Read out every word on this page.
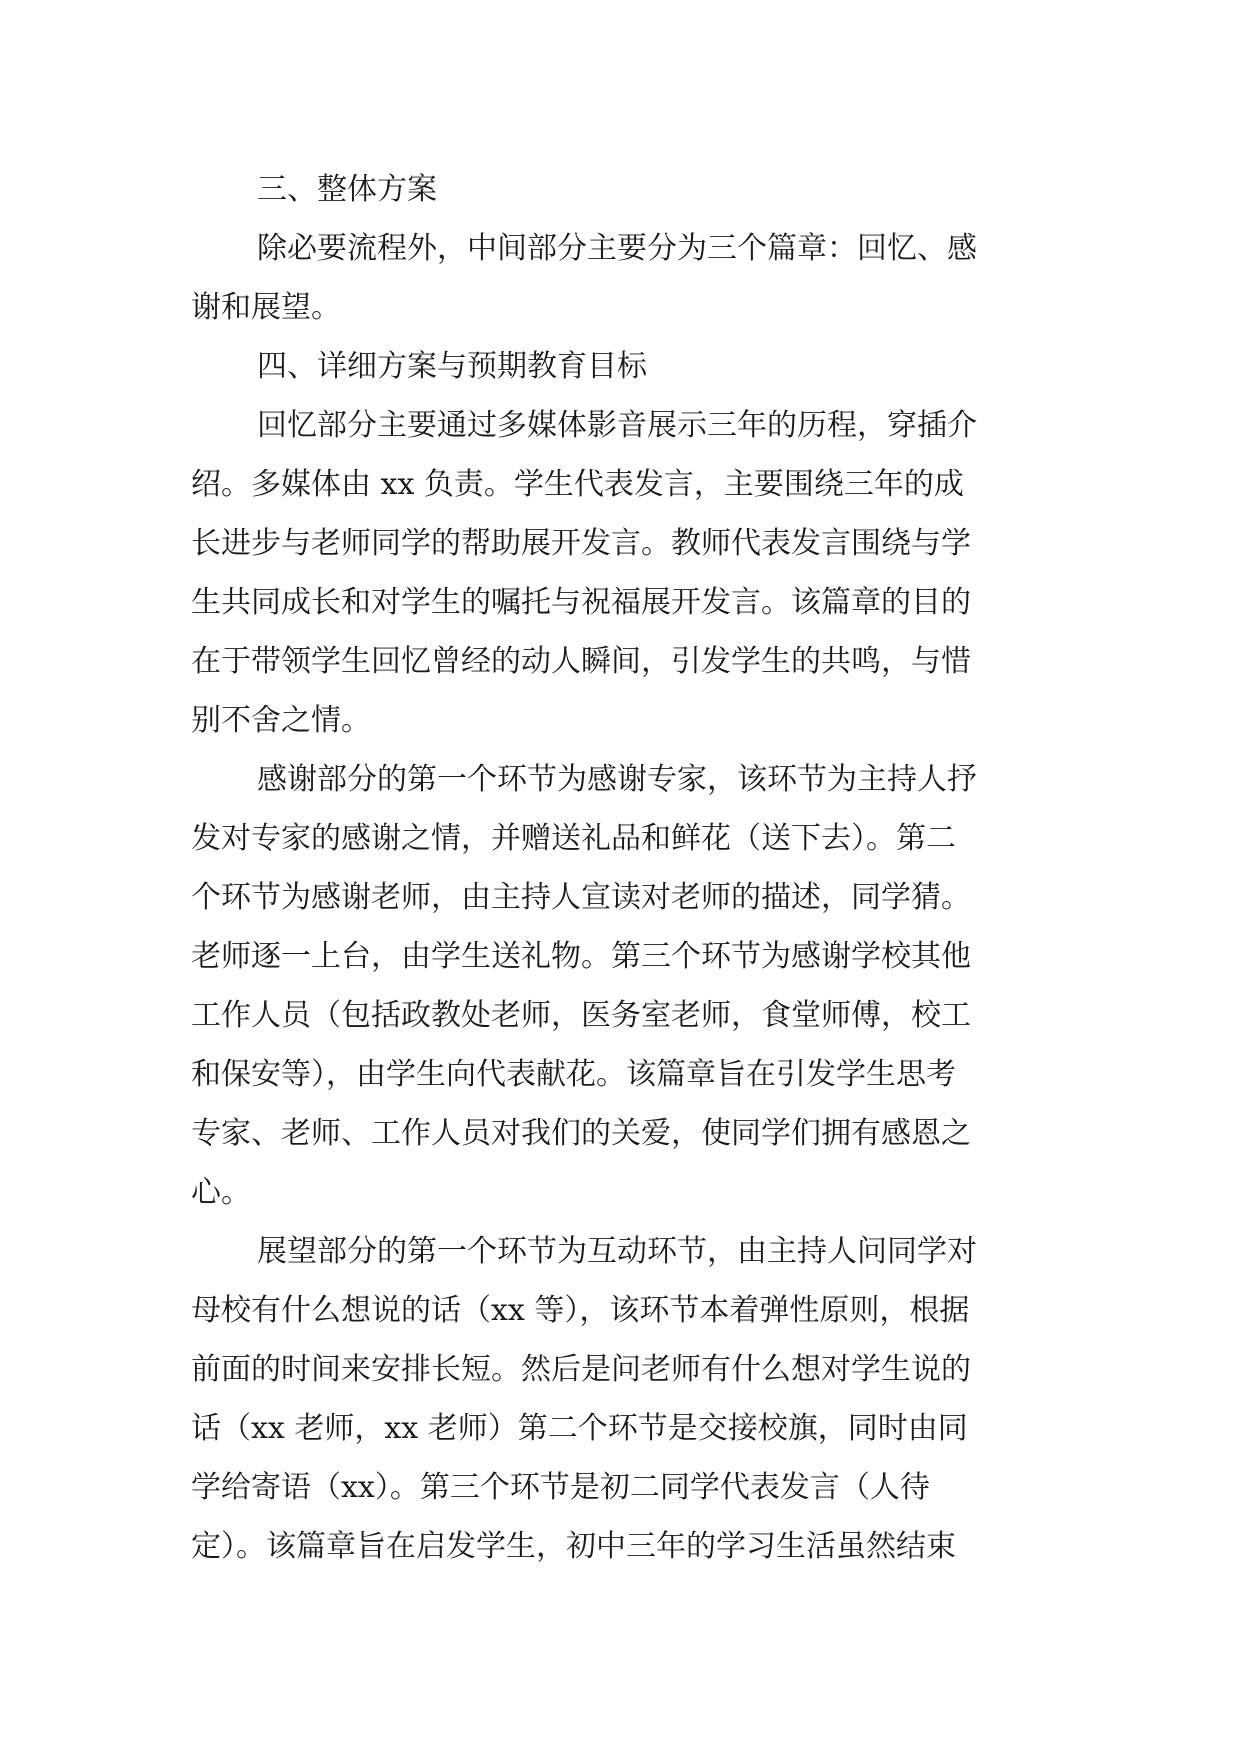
三、整体方案
除必要流程外，中间部分主要分为三个篇章：回忆、感
谢和展望。
四、详细方案与预期教育目标
回忆部分主要通过多媒体影音展示三年的历程，穿插介
绍。多媒体由 xx 负责。学生代表发言，主要围绕三年的成
长进步与老师同学的帮助展开发言。教师代表发言围绕与学
生共同成长和对学生的嘱托与祝福展开发言。该篇章的目的
在于带领学生回忆曾经的动人瞬间，引发学生的共鸣，与惜
别不舍之情。
感谢部分的第一个环节为感谢专家，该环节为主持人抒
发对专家的感谢之情，并赠送礼品和鲜花（送下去）。第二
个环节为感谢老师，由主持人宣读对老师的描述，同学猜。
老师逐一上台，由学生送礼物。第三个环节为感谢学校其他
工作人员（包括政教处老师，医务室老师，食堂师傅，校工
和保安等），由学生向代表献花。该篇章旨在引发学生思考
专家、老师、工作人员对我们的关爱，使同学们拥有感恩之
心。
展望部分的第一个环节为互动环节，由主持人问同学对
母校有什么想说的话（xx 等），该环节本着弹性原则，根据
前面的时间来安排长短。然后是问老师有什么想对学生说的
话（xx 老师，xx 老师）第二个环节是交接校旗，同时由同
学给寄语（xx）。第三个环节是初二同学代表发言（人待
定）。该篇章旨在启发学生，初中三年的学习生活虽然结束
